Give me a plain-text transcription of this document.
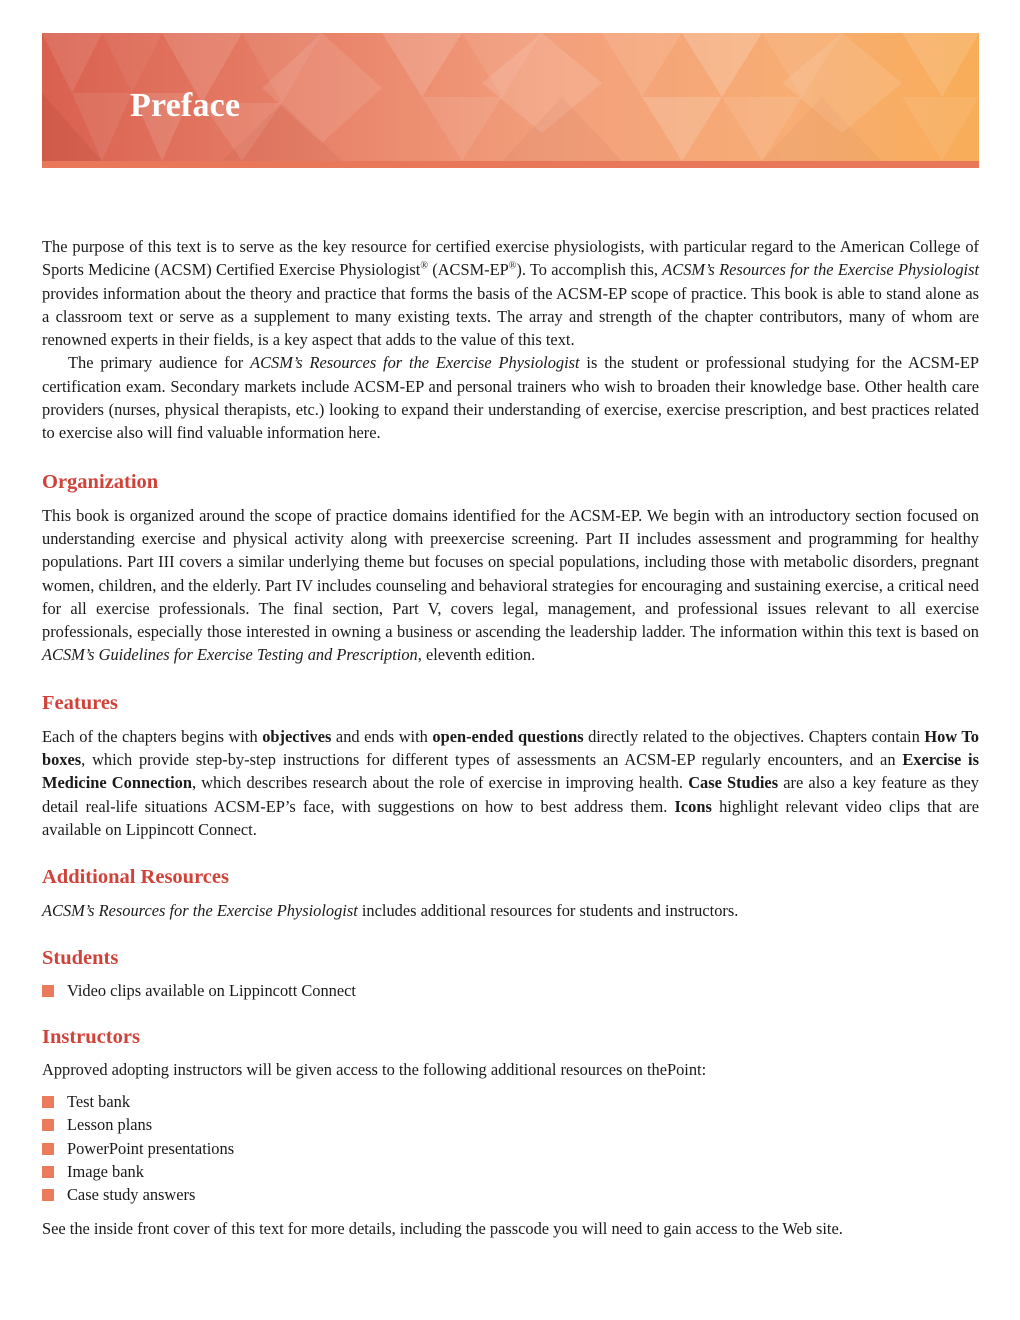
Preface

The purpose of this text is to serve as the key resource for certified exercise physiologists, with particular regard to the American College of Sports Medicine (ACSM) Certified Exercise Physiologist® (ACSM-EP®). To accomplish this, ACSM’s Resources for the Exercise Physiologist provides information about the theory and practice that forms the basis of the ACSM-EP scope of practice. This book is able to stand alone as a classroom text or serve as a supplement to many existing texts. The array and strength of the chapter contributors, many of whom are renowned experts in their fields, is a key aspect that adds to the value of this text.

The primary audience for ACSM’s Resources for the Exercise Physiologist is the student or professional studying for the ACSM-EP certification exam. Secondary markets include ACSM-EP and personal trainers who wish to broaden their knowledge base. Other health care providers (nurses, physical therapists, etc.) looking to expand their understanding of exercise, exercise prescription, and best practices related to exercise also will find valuable information here.

Organization

This book is organized around the scope of practice domains identified for the ACSM-EP. We begin with an introductory section focused on understanding exercise and physical activity along with preexercise screening. Part II includes assessment and programming for healthy populations. Part III covers a similar underlying theme but focuses on special populations, including those with metabolic disorders, pregnant women, children, and the elderly. Part IV includes counseling and behavioral strategies for encouraging and sustaining exercise, a critical need for all exercise professionals. The final section, Part V, covers legal, management, and professional issues relevant to all exercise professionals, especially those interested in owning a business or ascending the leadership ladder. The information within this text is based on ACSM’s Guidelines for Exercise Testing and Prescription, eleventh edition.

Features

Each of the chapters begins with objectives and ends with open-ended questions directly related to the objectives. Chapters contain How To boxes, which provide step-by-step instructions for different types of assessments an ACSM-EP regularly encounters, and an Exercise is Medicine Connection, which describes research about the role of exercise in improving health. Case Studies are also a key feature as they detail real-life situations ACSM-EP’s face, with suggestions on how to best address them. Icons highlight relevant video clips that are available on Lippincott Connect.

Additional Resources

ACSM’s Resources for the Exercise Physiologist includes additional resources for students and instructors.

Students
Video clips available on Lippincott Connect
Instructors

Approved adopting instructors will be given access to the following additional resources on thePoint:

Test bank
Lesson plans
PowerPoint presentations
Image bank
Case study answers

See the inside front cover of this text for more details, including the passcode you will need to gain access to the Web site.
